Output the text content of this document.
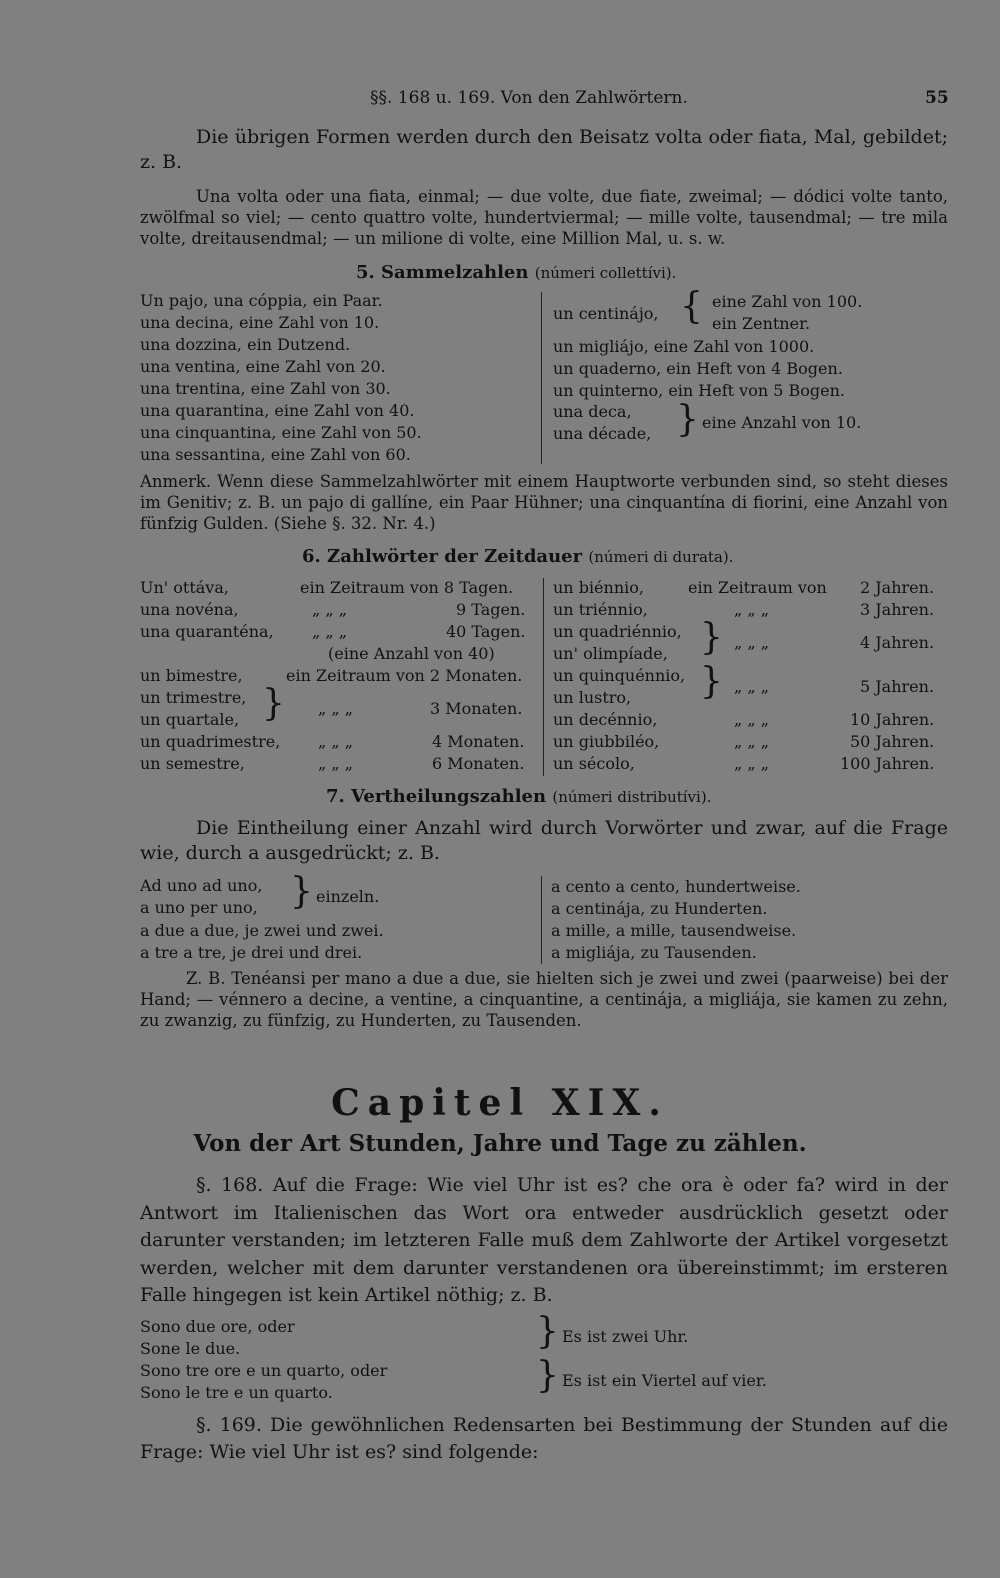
§§. 168 u. 169. Von den Zahlwörtern.	55
Die übrigen Formen werden durch den Beisatz volta oder fiata, Mal, gebildet; z. B.
Una volta oder una fiata, einmal; — due volte, due fiate, zweimal; — dódici volte tanto, zwölfmal so viel; — cento quattro volte, hundertviermal; — mille volte, tausendmal; — tre mila volte, dreitausendmal; — un milione di volte, eine Million Mal, u. s. w.
5. Sammelzahlen (númeri collettívi).
Un pajo, una cóppia, ein Paar.
una decina, eine Zahl von 10.
una dozzina, ein Dutzend.
una ventina, eine Zahl von 20.
una trentina, eine Zahl von 30.
una quarantina, eine Zahl von 40.
una cinquantina, eine Zahl von 50.
una sessantina, eine Zahl von 60.
un centinájo, { eine Zahl von 100.
ein Zentner.
un migliájo, eine Zahl von 1000.
un quaderno, ein Heft von 4 Bogen.
un quinterno, ein Heft von 5 Bogen.
una deca,
una décade, } eine Anzahl von 10.
Anmerk. Wenn diese Sammelzahlwörter mit einem Hauptworte verbunden sind, so steht dieses im Genitiv; z. B. un pajo di gallíne, ein Paar Hühner; una cinquantína di fiorini, eine Anzahl von fünfzig Gulden. (Siehe §. 32. Nr. 4.)
6. Zahlwörter der Zeitdauer (númeri di durata).
Un' ottáva,	ein Zeitraum von 8 Tagen.
una novéna,	„ „ „	9 Tagen.
una quaranténa, „ „ „	40 Tagen.
(eine Anzahl von 40)
un bimestre,	ein Zeitraum von 2 Monaten.
un trimestre,
un quartale, } „ „ „	3 Monaten.
un quadrimestre, „ „ „	4 Monaten.
un semestre,	„ „ „	6 Monaten.
un biénnio,	ein Zeitraum von 2 Jahren.
un triénnio,	„ „ „	3 Jahren.
un quadriénnio,
un' olimpíade, } „ „ „	4 Jahren.
un quinquénnio,
un lustro, } „ „ „	5 Jahren.
un decénnio,	„ „ „	10 Jahren.
un giubbiléo,	„ „ „	50 Jahren.
un sécolo,	„ „ „	100 Jahren.
7. Vertheilungszahlen (númeri distributívi).
Die Eintheilung einer Anzahl wird durch Vorwörter und zwar, auf die Frage wie, durch a ausgedrückt; z. B.
Ad uno ad uno,
a uno per uno, } einzeln.
a due a due, je zwei und zwei.
a tre a tre, je drei und drei.
a cento a cento, hundertweise.
a centinája, zu Hunderten.
a mille, a mille, tausendweise.
a migliája, zu Tausenden.
Z. B. Tenéansi per mano a due a due, sie hielten sich je zwei und zwei (paarweise) bei der Hand; — vénnero a decine, a ventine, a cinquantine, a centinája, a migliája, sie kamen zu zehn, zu zwanzig, zu fünfzig, zu Hunderten, zu Tausenden.
Capitel XIX.
Von der Art Stunden, Jahre und Tage zu zählen.
§. 168. Auf die Frage: Wie viel Uhr ist es? che ora è oder fa? wird in der Antwort im Italienischen das Wort ora entweder ausdrücklich gesetzt oder darunter verstanden; im letzteren Falle muß dem Zahlworte der Artikel vorgesetzt werden, welcher mit dem darunter verstandenen ora übereinstimmt; im ersteren Falle hingegen ist kein Artikel nöthig; z. B.
Sono due ore, oder
Sone le due.	} Es ist zwei Uhr.
Sono tre ore e un quarto, oder
Sono le tre e un quarto.	} Es ist ein Viertel auf vier.
§. 169. Die gewöhnlichen Redensarten bei Bestimmung der Stunden auf die Frage: Wie viel Uhr ist es? sind folgende:
